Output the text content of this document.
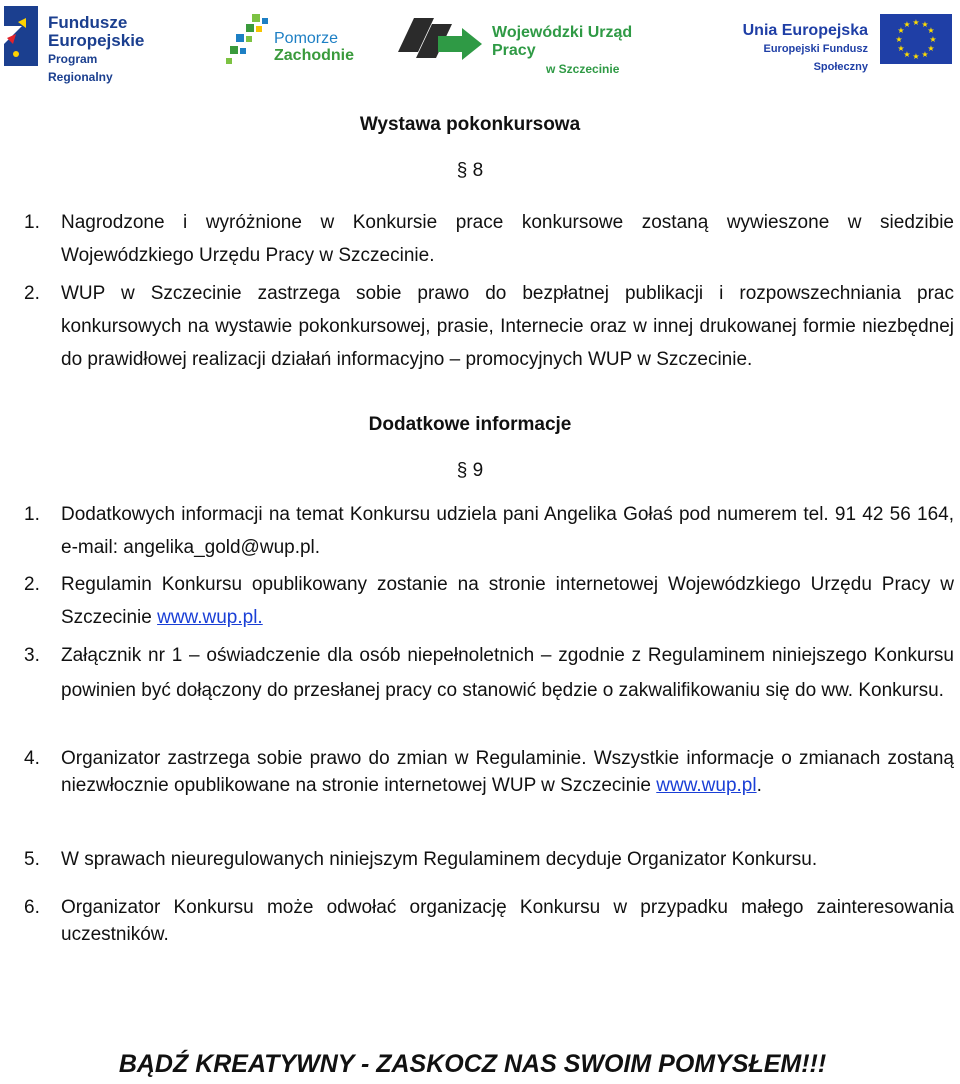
Fundusze
Europejskie
Program Regionalny
Pomorze
Zachodnie
Wojewódzki Urząd Pracy
w Szczecinie
Unia Europejska
Europejski Fundusz Społeczny
★ ★
★
★
★
★
★
★
★
★
★
★
Wystawa pokonkursowa
§ 8
1. Nagrodzone i wyróżnione w Konkursie prace konkursowe zostaną wywieszone w siedzibie Wojewódzkiego Urzędu Pracy w Szczecinie.
2. WUP w Szczecinie zastrzega sobie prawo do bezpłatnej publikacji i rozpowszechniania prac konkursowych na wystawie pokonkursowej, prasie, Internecie oraz w innej drukowanej formie niezbędnej do prawidłowej realizacji działań informacyjno – promocyjnych WUP w Szczecinie.
Dodatkowe informacje
§ 9
1. Dodatkowych informacji na temat Konkursu udziela pani Angelika Gołaś pod numerem tel. 91 42 56 164, e-mail: angelika_gold@wup.pl.
2. Regulamin Konkursu opublikowany zostanie na stronie internetowej Wojewódzkiego Urzędu Pracy w Szczecinie www.wup.pl.
3. Załącznik nr 1 – oświadczenie dla osób niepełnoletnich – zgodnie z Regulaminem niniejszego Konkursu powinien być dołączony do przesłanej pracy co stanowić będzie o zakwalifikowaniu się do ww. Konkursu.
4. Organizator zastrzega sobie prawo do zmian w Regulaminie. Wszystkie informacje o zmianach zostaną niezwłocznie opublikowane na stronie internetowej WUP w Szczecinie www.wup.pl.
5. W sprawach nieuregulowanych niniejszym Regulaminem decyduje Organizator Konkursu.
6. Organizator Konkursu może odwołać organizację Konkursu w przypadku małego zainteresowania uczestników.
BĄDŹ KREATYWNY - ZASKOCZ NAS SWOIM POMYSŁEM!!!
